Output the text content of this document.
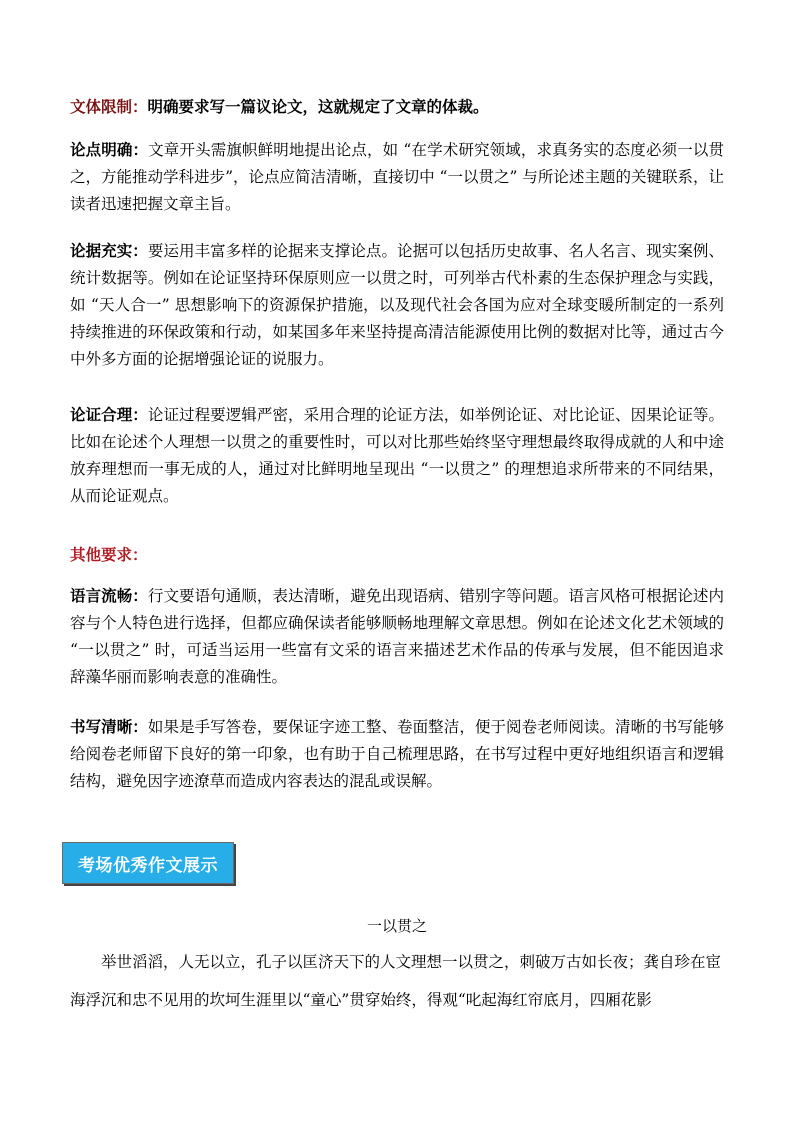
文体限制：明确要求写一篇议论文，这就规定了文章的体裁。

论点明确：文章开头需旗帜鲜明地提出论点，如 “在学术研究领域，求真务实的态度必须一以贯之，方能推动学科进步”，论点应简洁清晰，直接切中 “一以贯之” 与所论述主题的关键联系，让读者迅速把握文章主旨。

论据充实：要运用丰富多样的论据来支撑论点。论据可以包括历史故事、名人名言、现实案例、统计数据等。例如在论证坚持环保原则应一以贯之时，可列举古代朴素的生态保护理念与实践，如 “天人合一” 思想影响下的资源保护措施，以及现代社会各国为应对全球变暖所制定的一系列持续推进的环保政策和行动，如某国多年来坚持提高清洁能源使用比例的数据对比等，通过古今中外多方面的论据增强论证的说服力。

论证合理：论证过程要逻辑严密，采用合理的论证方法，如举例论证、对比论证、因果论证等。比如在论述个人理想一以贯之的重要性时，可以对比那些始终坚守理想最终取得成就的人和中途放弃理想而一事无成的人，通过对比鲜明地呈现出 “一以贯之” 的理想追求所带来的不同结果，从而论证观点。

其他要求：

语言流畅：行文要语句通顺，表达清晰，避免出现语病、错别字等问题。语言风格可根据论述内容与个人特色进行选择，但都应确保读者能够顺畅地理解文章思想。例如在论述文化艺术领域的 “一以贯之” 时，可适当运用一些富有文采的语言来描述艺术作品的传承与发展，但不能因追求辞藻华丽而影响表意的准确性。

书写清晰：如果是手写答卷，要保证字迹工整、卷面整洁，便于阅卷老师阅读。清晰的书写能够给阅卷老师留下良好的第一印象，也有助于自己梳理思路，在书写过程中更好地组织语言和逻辑结构，避免因字迹潦草而造成内容表达的混乱或误解。

考场优秀作文展示
一以贯之

举世滔滔，人无以立，孔子以匡济天下的人文理想一以贯之，刺破万古如长夜；龚自珍在宦海浮沉和忠不见用的坎坷生涯里以“童心”贯穿始终，得观“叱起海红帘底月，四厢花影
